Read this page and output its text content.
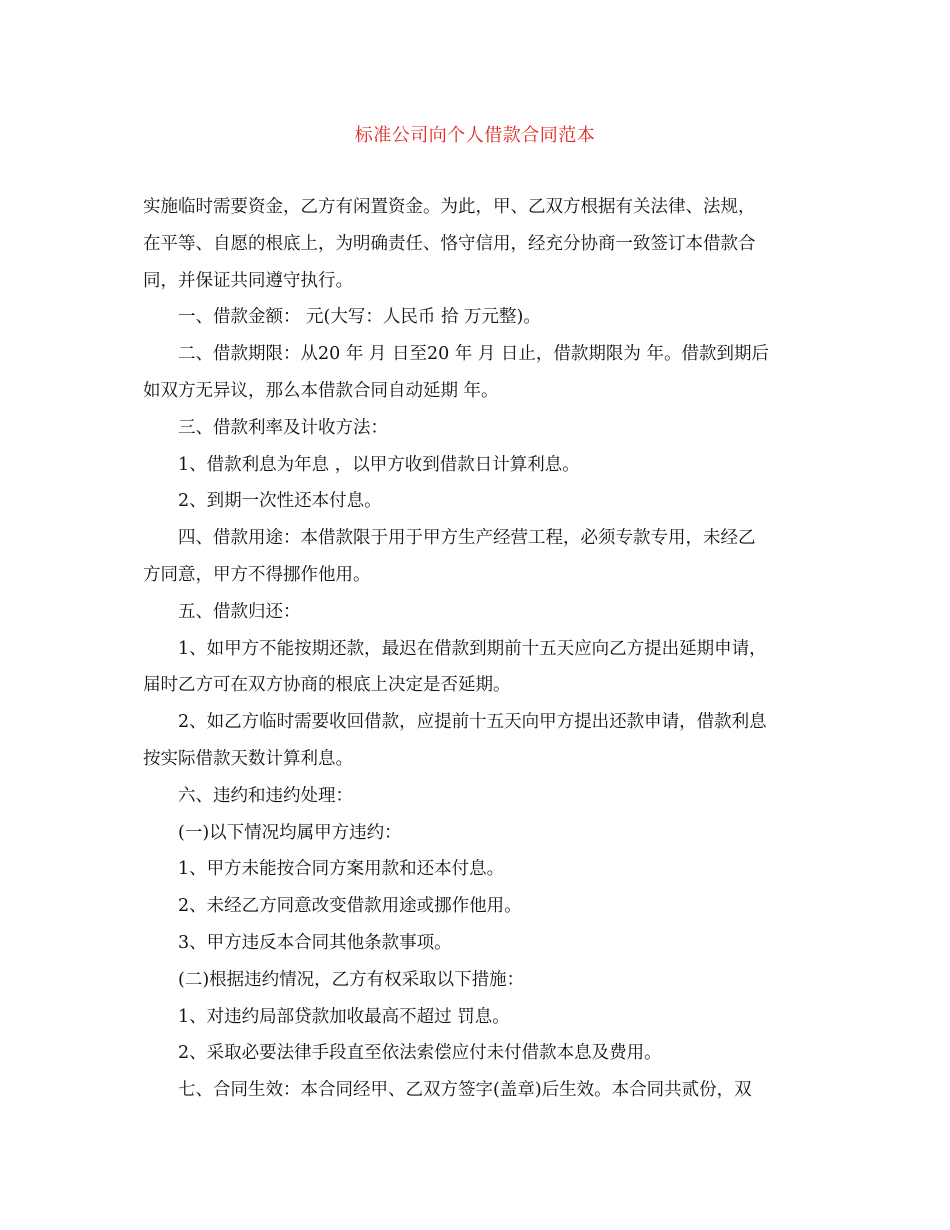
标准公司向个人借款合同范本

实施临时需要资金，乙方有闲置资金。为此，甲、乙双方根据有关法律、法规，

在平等、自愿的根底上，为明确责任、恪守信用，经充分协商一致签订本借款合

同，并保证共同遵守执行。

一、借款金额： 元(大写：人民币 拾 万元整)。

二、借款期限：从20 年 月 日至20 年 月 日止，借款期限为 年。借款到期后

如双方无异议，那么本借款合同自动延期 年。

三、借款利率及计收方法：

1、借款利息为年息 ，以甲方收到借款日计算利息。

2、到期一次性还本付息。

四、借款用途：本借款限于用于甲方生产经营工程，必须专款专用，未经乙

方同意，甲方不得挪作他用。

五、借款归还：

1、如甲方不能按期还款，最迟在借款到期前十五天应向乙方提出延期申请，

届时乙方可在双方协商的根底上决定是否延期。

2、如乙方临时需要收回借款，应提前十五天向甲方提出还款申请，借款利息

按实际借款天数计算利息。

六、违约和违约处理：

(一)以下情况均属甲方违约：

1、甲方未能按合同方案用款和还本付息。

2、未经乙方同意改变借款用途或挪作他用。

3、甲方违反本合同其他条款事项。

(二)根据违约情况，乙方有权采取以下措施：

1、对违约局部贷款加收最高不超过 罚息。

2、采取必要法律手段直至依法索偿应付未付借款本息及费用。

七、合同生效：本合同经甲、乙双方签字(盖章)后生效。本合同共贰份，双
